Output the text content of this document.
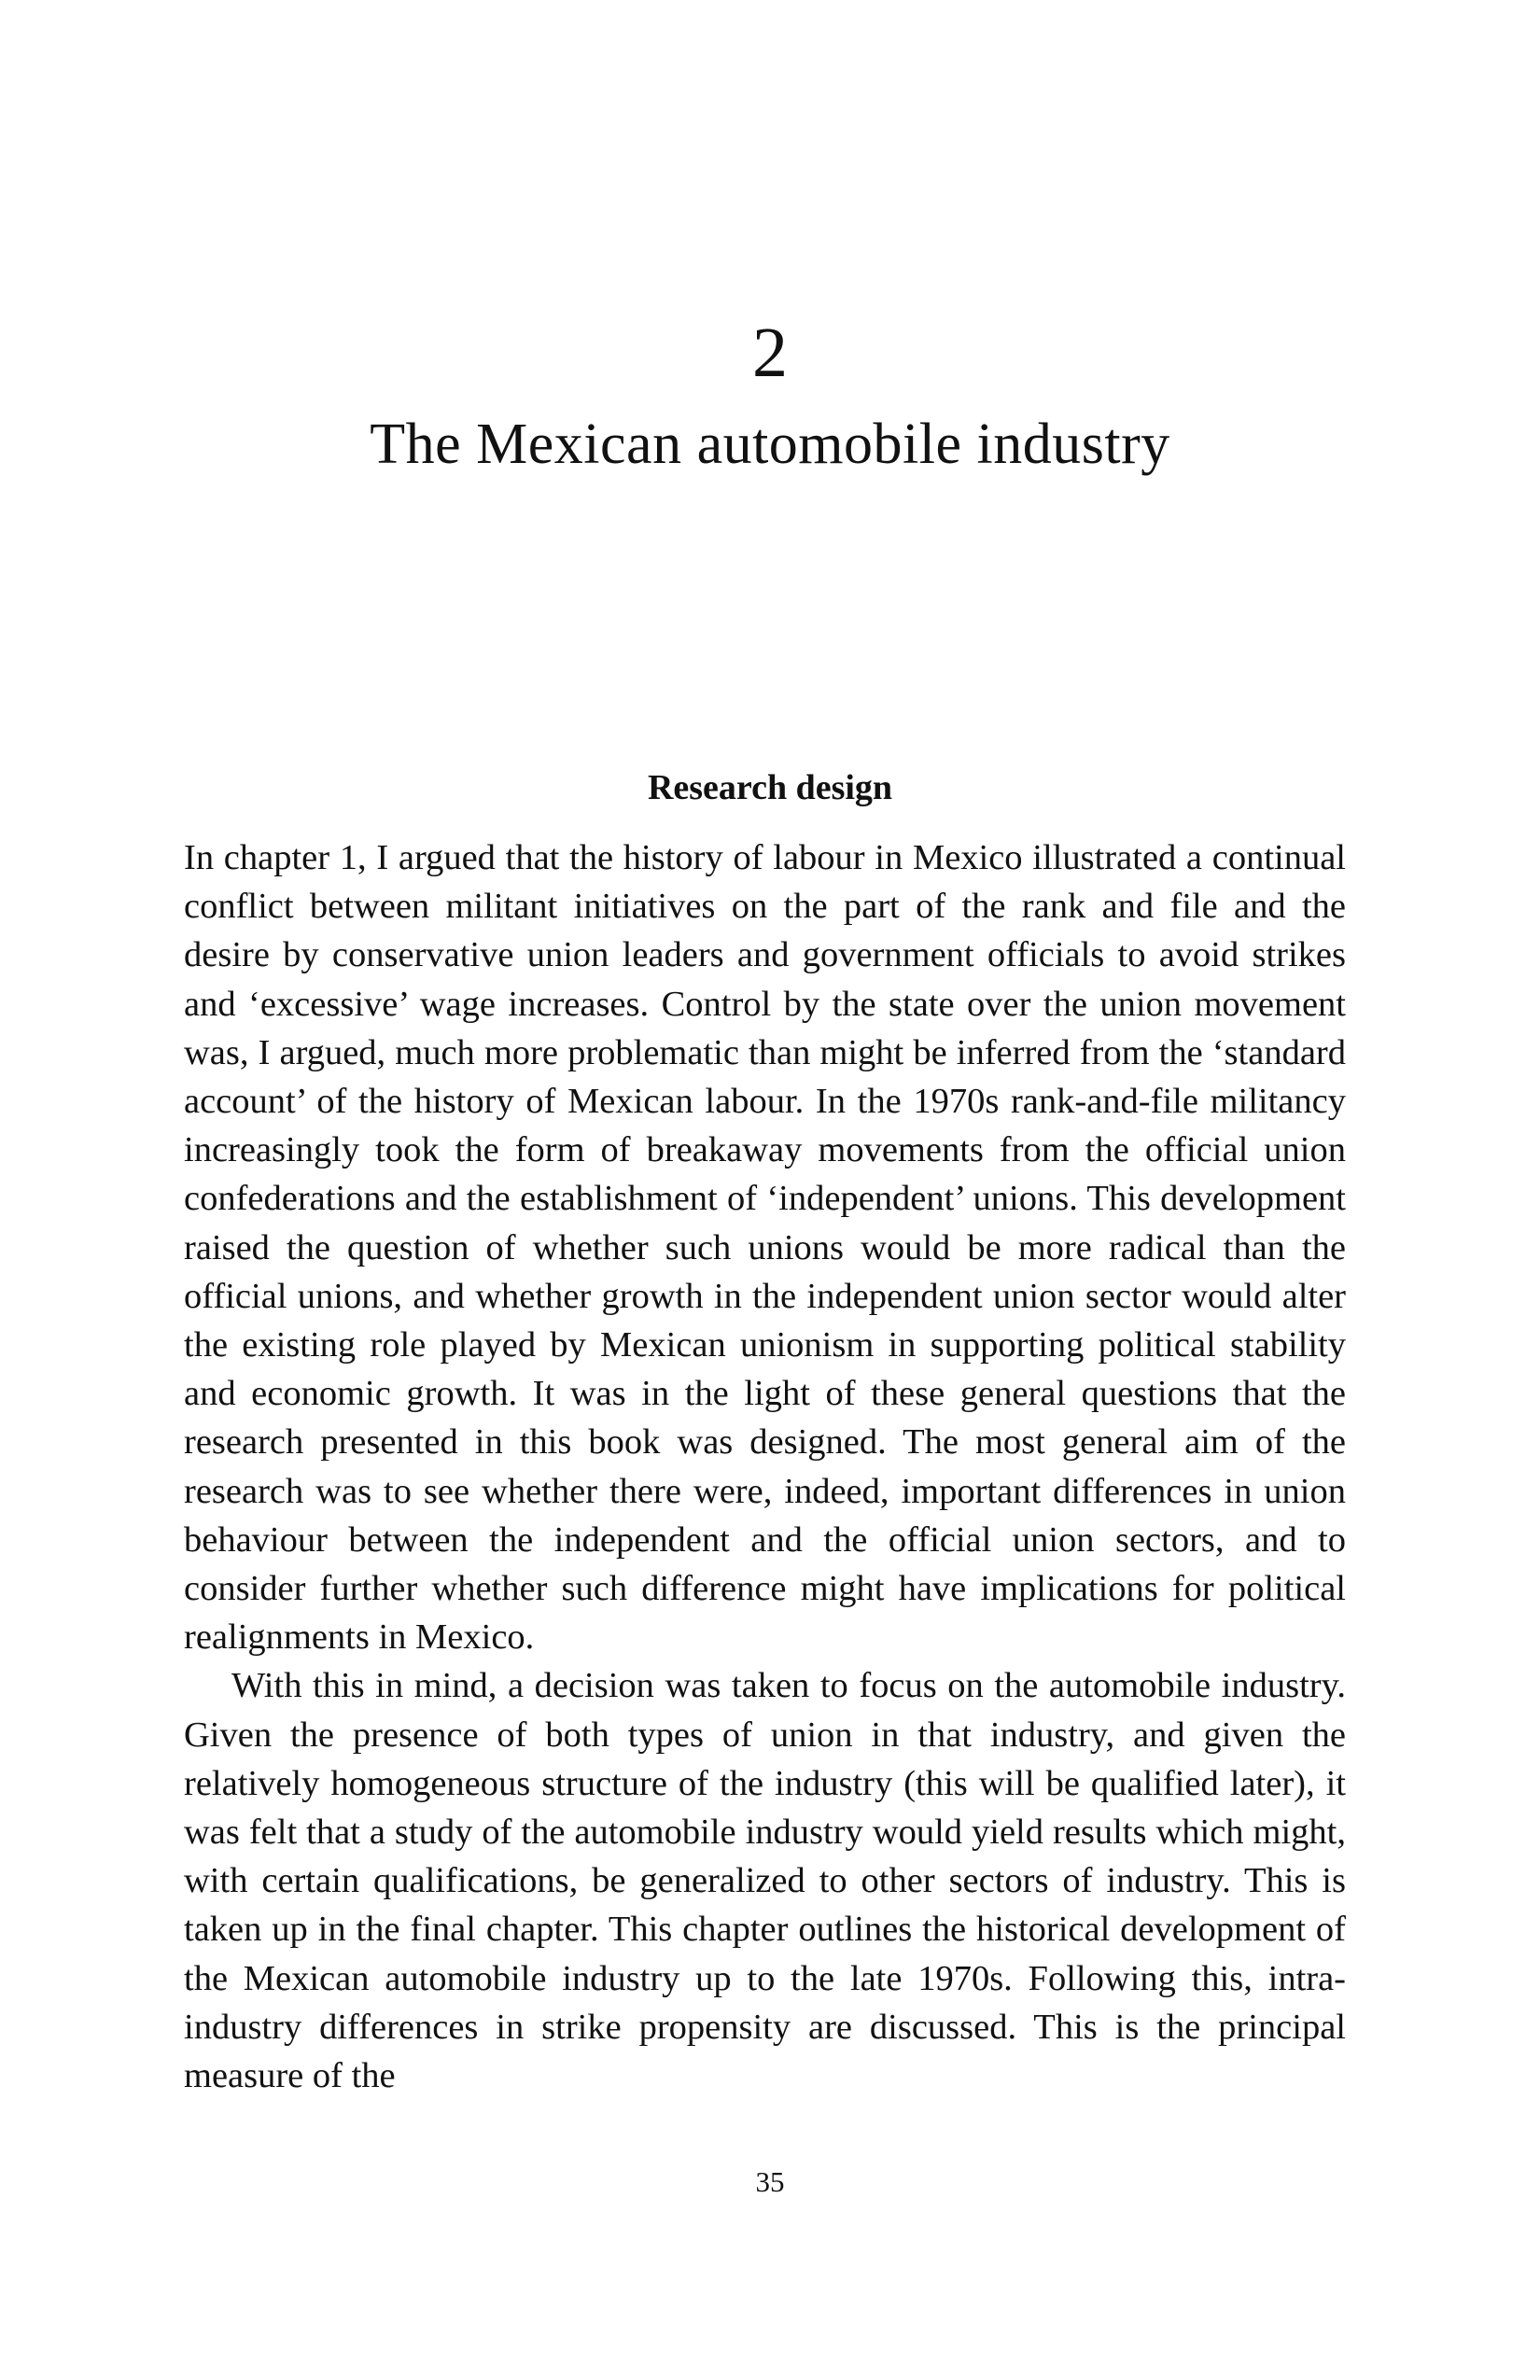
2
The Mexican automobile industry
Research design

In chapter 1, I argued that the history of labour in Mexico illustrated a continual conflict between militant initiatives on the part of the rank and file and the desire by conservative union leaders and government officials to avoid strikes and ‘excessive’ wage increases. Control by the state over the union movement was, I argued, much more problematic than might be inferred from the ‘standard account’ of the history of Mexican labour. In the 1970s rank-and-file militancy increasingly took the form of breakaway movements from the official union confederations and the establishment of ‘independent’ unions. This development raised the question of whether such unions would be more radical than the official unions, and whether growth in the independent union sector would alter the existing role played by Mexican unionism in supporting political stability and economic growth. It was in the light of these general questions that the research presented in this book was designed. The most general aim of the research was to see whether there were, indeed, important differences in union behaviour between the independent and the official union sectors, and to consider further whether such difference might have implications for political realignments in Mexico.

With this in mind, a decision was taken to focus on the automobile industry. Given the presence of both types of union in that industry, and given the relatively homogeneous structure of the industry (this will be qualified later), it was felt that a study of the automobile industry would yield results which might, with certain qualifications, be generalized to other sectors of industry. This is taken up in the final chapter. This chapter outlines the historical development of the Mexican automobile industry up to the late 1970s. Following this, intra-industry differences in strike propensity are discussed. This is the principal measure of the

35
